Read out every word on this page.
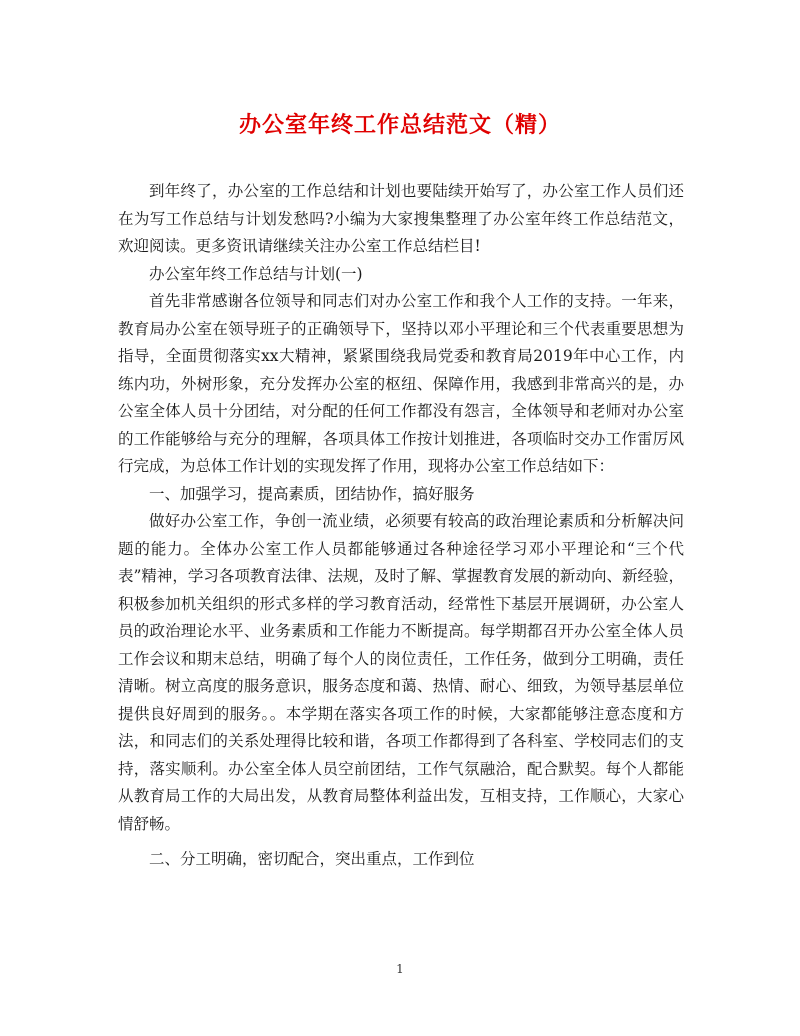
办公室年终工作总结范文（精）

到年终了，办公室的工作总结和计划也要陆续开始写了，办公室工作人员们还在为写工作总结与计划发愁吗?小编为大家搜集整理了办公室年终工作总结范文，欢迎阅读。更多资讯请继续关注办公室工作总结栏目!

办公室年终工作总结与计划(一)

首先非常感谢各位领导和同志们对办公室工作和我个人工作的支持。一年来，教育局办公室在领导班子的正确领导下，坚持以邓小平理论和三个代表重要思想为指导，全面贯彻落实xx大精神，紧紧围绕我局党委和教育局2019年中心工作，内练内功，外树形象，充分发挥办公室的枢纽、保障作用，我感到非常高兴的是，办公室全体人员十分团结，对分配的任何工作都没有怨言，全体领导和老师对办公室的工作能够给与充分的理解，各项具体工作按计划推进，各项临时交办工作雷厉风行完成，为总体工作计划的实现发挥了作用，现将办公室工作总结如下：

一、加强学习，提高素质，团结协作，搞好服务

做好办公室工作，争创一流业绩，必须要有较高的政治理论素质和分析解决问题的能力。全体办公室工作人员都能够通过各种途径学习邓小平理论和“三个代表”精神，学习各项教育法律、法规，及时了解、掌握教育发展的新动向、新经验，积极参加机关组织的形式多样的学习教育活动，经常性下基层开展调研，办公室人员的政治理论水平、业务素质和工作能力不断提高。每学期都召开办公室全体人员工作会议和期末总结，明确了每个人的岗位责任，工作任务，做到分工明确，责任清晰。树立高度的服务意识，服务态度和蔼、热情、耐心、细致，为领导基层单位提供良好周到的服务。。本学期在落实各项工作的时候，大家都能够注意态度和方法，和同志们的关系处理得比较和谐，各项工作都得到了各科室、学校同志们的支持，落实顺利。办公室全体人员空前团结，工作气氛融洽，配合默契。每个人都能从教育局工作的大局出发，从教育局整体利益出发，互相支持，工作顺心，大家心情舒畅。

二、分工明确，密切配合，突出重点，工作到位

1
